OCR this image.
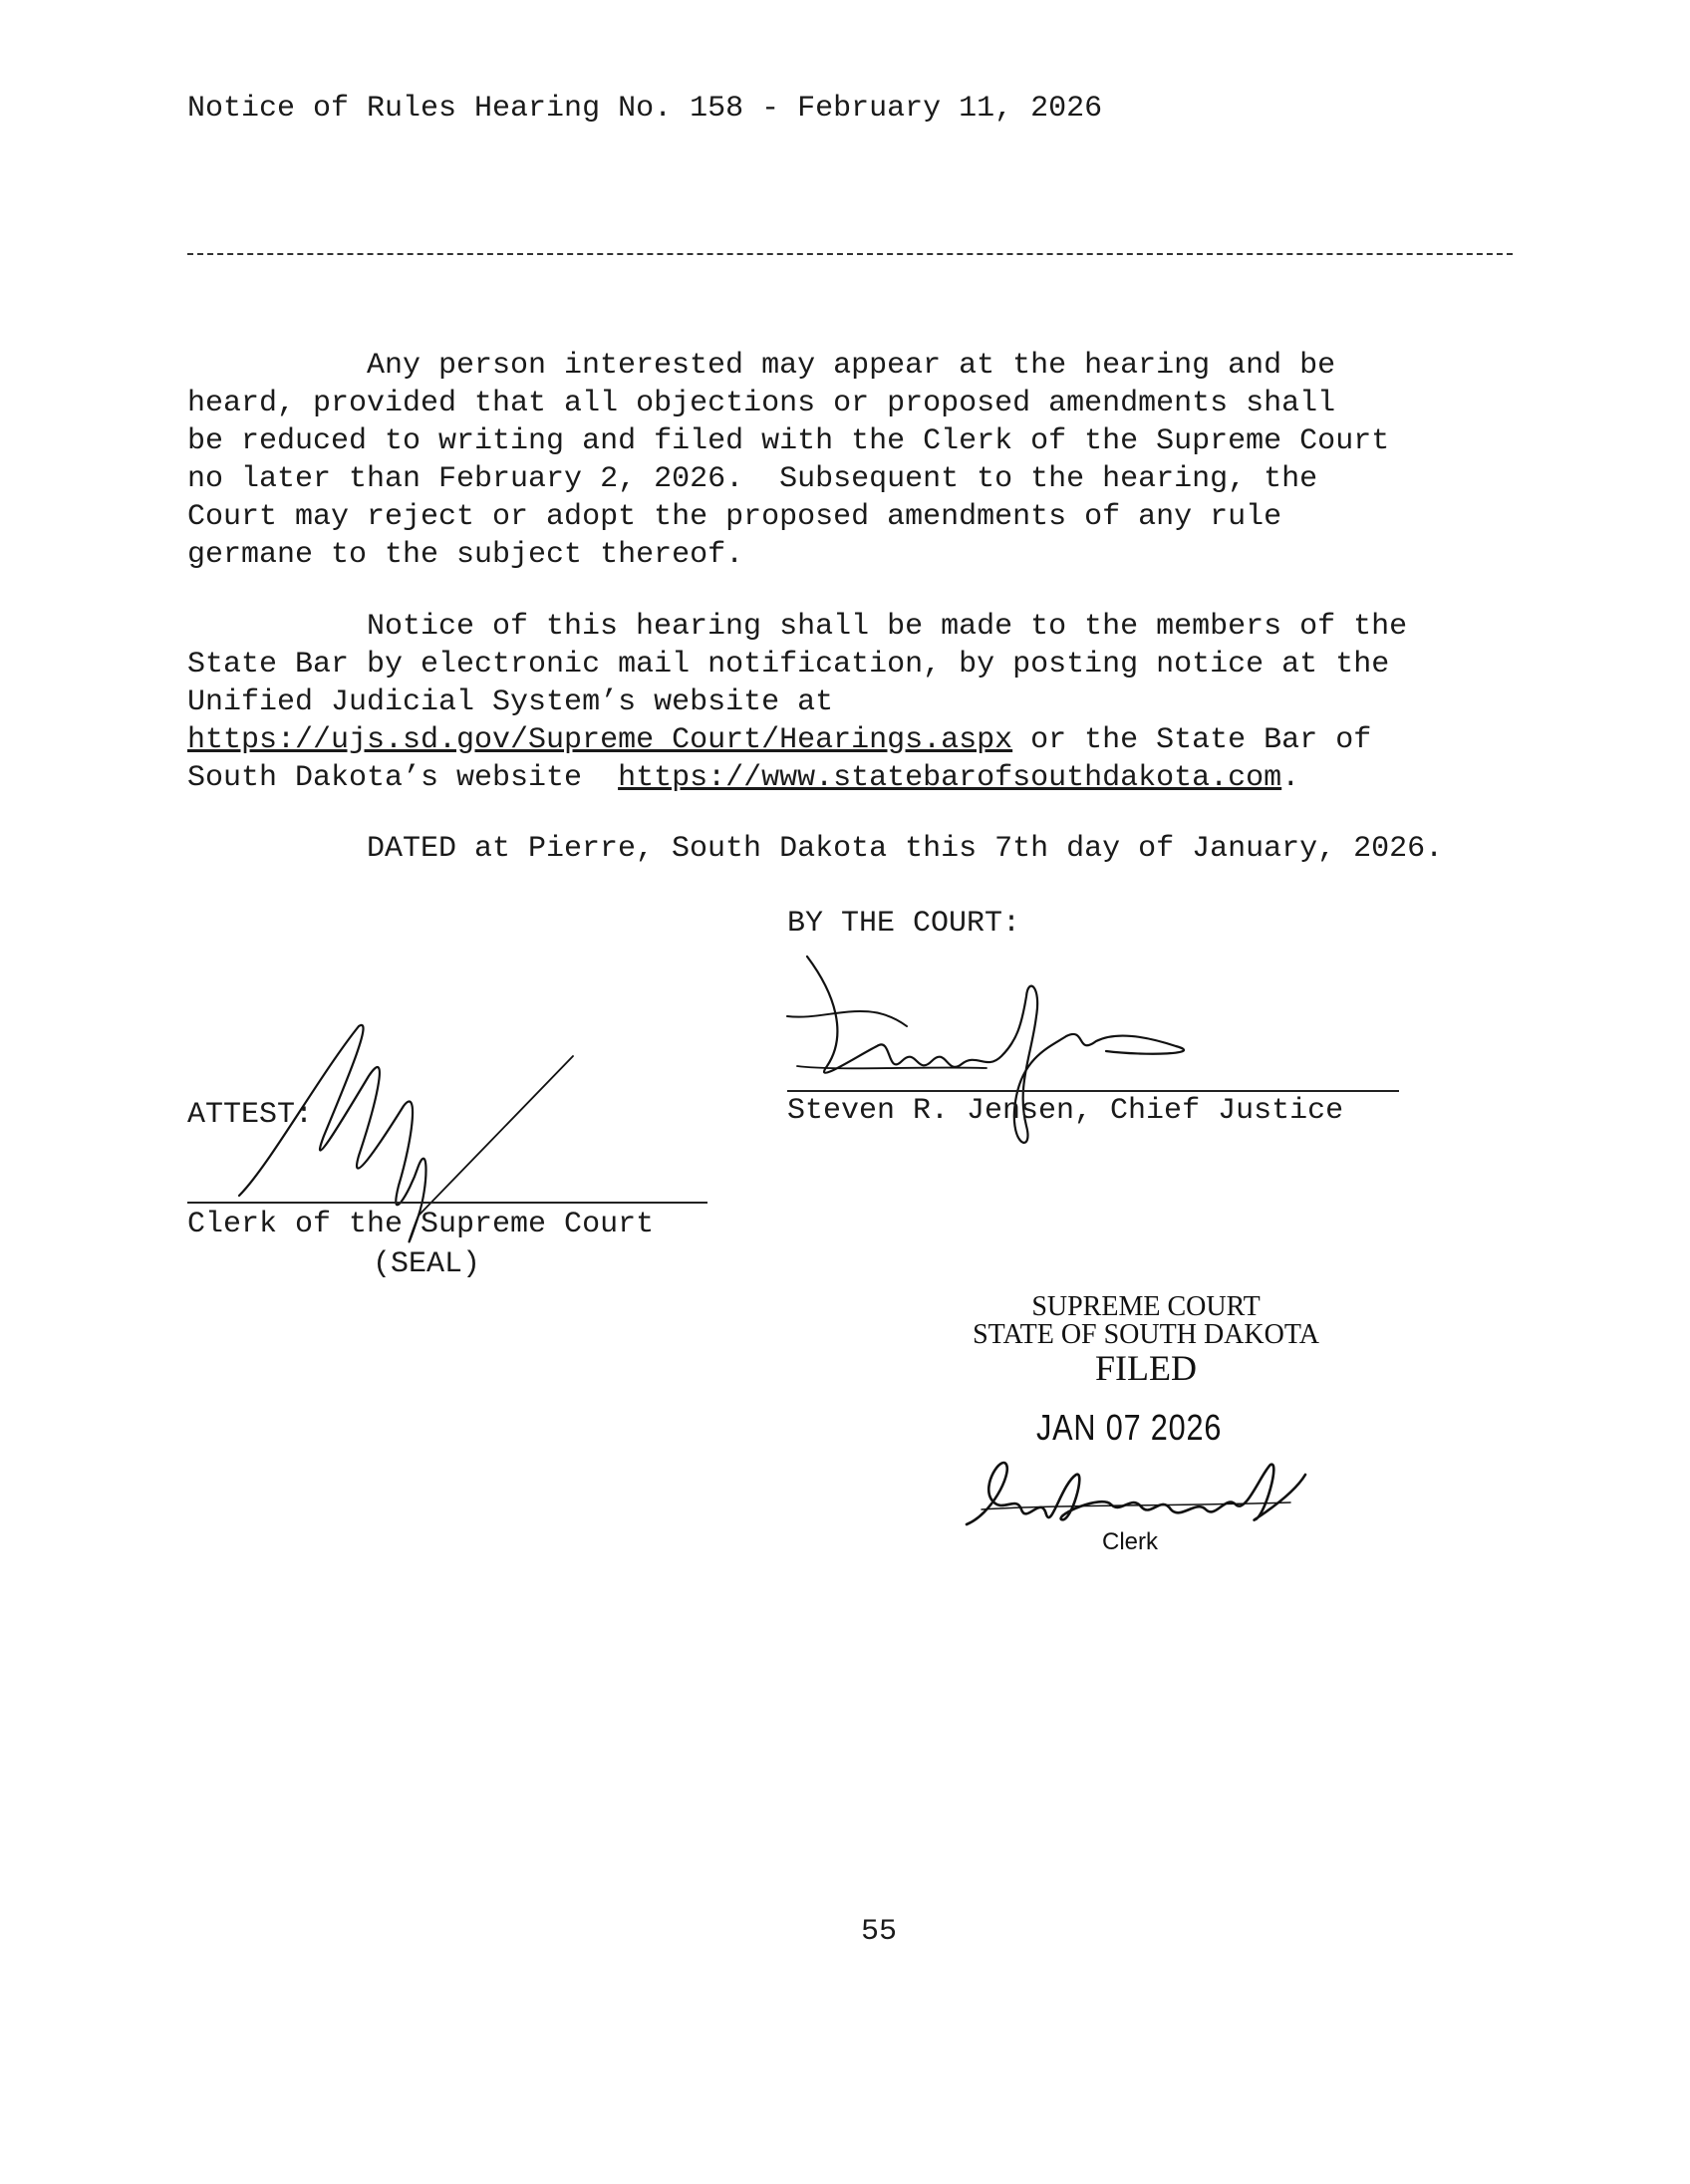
Notice of Rules Hearing No. 158 - February 11, 2026
Any person interested may appear at the hearing and be
heard, provided that all objections or proposed amendments shall
be reduced to writing and filed with the Clerk of the Supreme Court
no later than February 2, 2026.  Subsequent to the hearing, the
Court may reject or adopt the proposed amendments of any rule
germane to the subject thereof.
Notice of this hearing shall be made to the members of the
State Bar by electronic mail notification, by posting notice at the
Unified Judicial System’s website at
https://ujs.sd.gov/Supreme Court/Hearings.aspx or the State Bar of
South Dakota’s website  https://www.statebarofsouthdakota.com.
DATED at Pierre, South Dakota this 7th day of January, 2026.
BY THE COURT:
Steven R. Jensen, Chief Justice
ATTEST:
Clerk of the Supreme Court
(SEAL)
SUPREME COURT
STATE OF SOUTH DAKOTA
FILED
JAN 07 2026
Clerk
55
